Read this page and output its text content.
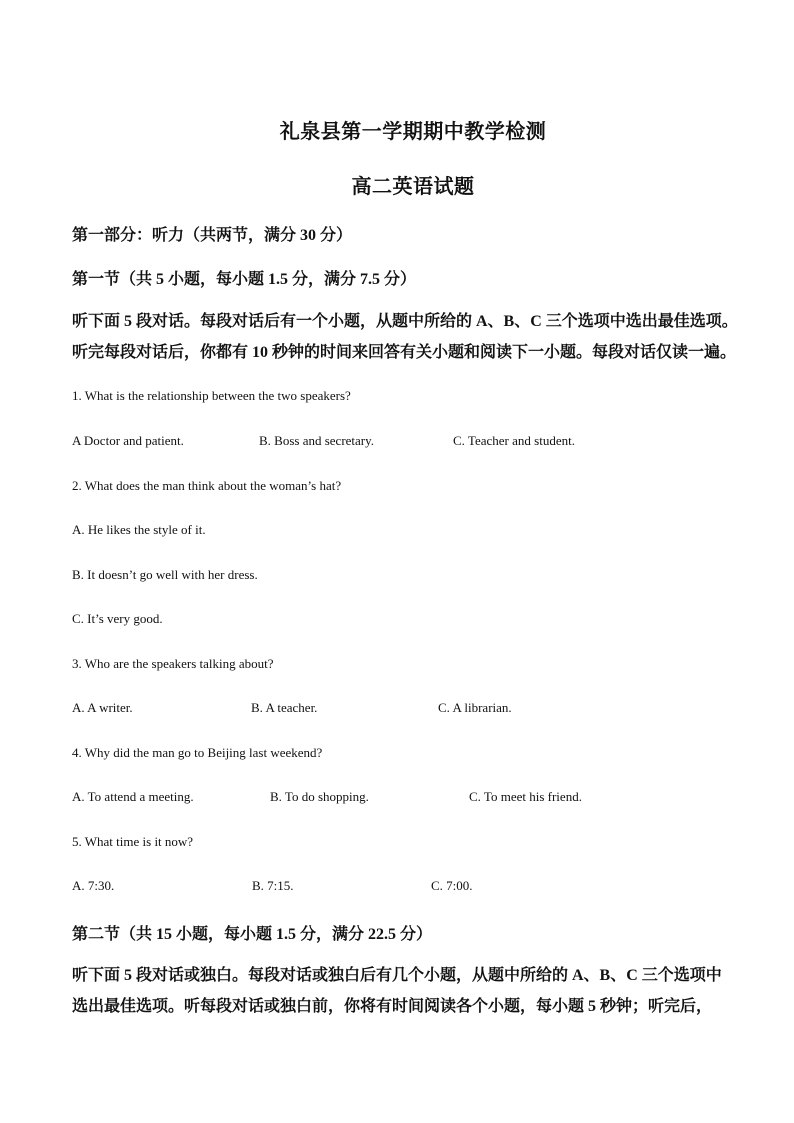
礼泉县第一学期期中教学检测
高二英语试题
第一部分：听力（共两节，满分 30 分）
第一节（共 5 小题，每小题 1.5 分，满分 7.5 分）
听下面 5 段对话。每段对话后有一个小题，从题中所给的 A、B、C 三个选项中选出最佳选项。
听完每段对话后，你都有 10 秒钟的时间来回答有关小题和阅读下一小题。每段对话仅读一遍。
1. What is the relationship between the two speakers?
A Doctor and patient.	B. Boss and secretary.	C. Teacher and student.
2. What does the man think about the woman’s hat?
A. He likes the style of it.
B. It doesn’t go well with her dress.
C. It’s very good.
3. Who are the speakers talking about?
A. A writer.	B. A teacher.	C. A librarian.
4. Why did the man go to Beijing last weekend?
A. To attend a meeting.	B. To do shopping.	C. To meet his friend.
5. What time is it now?
A. 7:30.	B. 7:15.	C. 7:00.
第二节（共 15 小题，每小题 1.5 分，满分 22.5 分）
听下面 5 段对话或独白。每段对话或独白后有几个小题，从题中所给的 A、B、C 三个选项中
选出最佳选项。听每段对话或独白前，你将有时间阅读各个小题，每小题 5 秒钟；听完后，
